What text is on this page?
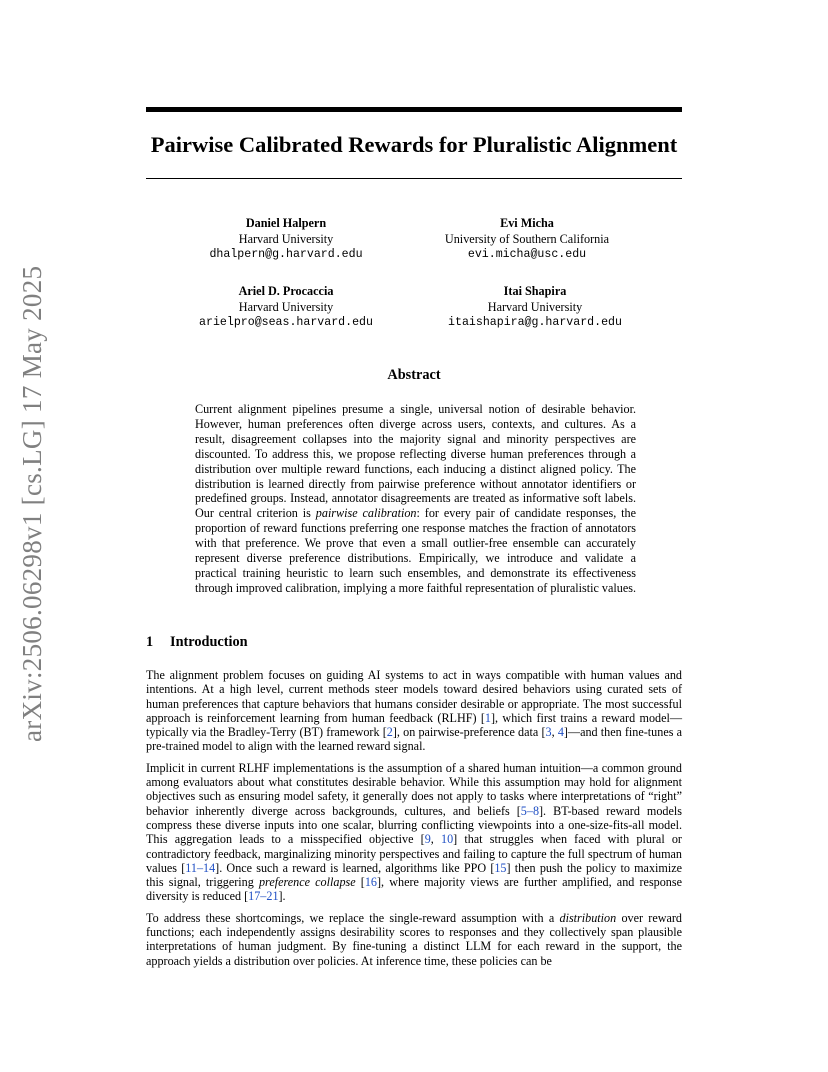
arXiv:2506.06298v1 [cs.LG] 17 May 2025
Pairwise Calibrated Rewards for Pluralistic Alignment
Daniel Halpern
Harvard University
dhalpern@g.harvard.edu
Evi Micha
University of Southern California
evi.micha@usc.edu
Ariel D. Procaccia
Harvard University
arielpro@seas.harvard.edu
Itai Shapira
Harvard University
itaishapira@g.harvard.edu
Abstract
Current alignment pipelines presume a single, universal notion of desirable behavior. However, human preferences often diverge across users, contexts, and cultures. As a result, disagreement collapses into the majority signal and minority perspectives are discounted. To address this, we propose reflecting diverse human preferences through a distribution over multiple reward functions, each inducing a distinct aligned policy. The distribution is learned directly from pairwise preference without annotator identifiers or predefined groups. Instead, annotator disagreements are treated as informative soft labels. Our central criterion is pairwise calibration: for every pair of candidate responses, the proportion of reward functions preferring one response matches the fraction of annotators with that preference. We prove that even a small outlier-free ensemble can accurately represent diverse preference distributions. Empirically, we introduce and validate a practical training heuristic to learn such ensembles, and demonstrate its effectiveness through improved calibration, implying a more faithful representation of pluralistic values.
1 Introduction

The alignment problem focuses on guiding AI systems to act in ways compatible with human values and intentions. At a high level, current methods steer models toward desired behaviors using curated sets of human preferences that capture behaviors that humans consider desirable or appropriate. The most successful approach is reinforcement learning from human feedback (RLHF) [1], which first trains a reward model—typically via the Bradley-Terry (BT) framework [2], on pairwise-preference data [3, 4]—and then fine-tunes a pre-trained model to align with the learned reward signal.

Implicit in current RLHF implementations is the assumption of a shared human intuition—a common ground among evaluators about what constitutes desirable behavior. While this assumption may hold for alignment objectives such as ensuring model safety, it generally does not apply to tasks where interpretations of “right” behavior inherently diverge across backgrounds, cultures, and beliefs [5–8]. BT-based reward models compress these diverse inputs into one scalar, blurring conflicting viewpoints into a one-size-fits-all model. This aggregation leads to a misspecified objective [9, 10] that struggles when faced with plural or contradictory feedback, marginalizing minority perspectives and failing to capture the full spectrum of human values [11–14]. Once such a reward is learned, algorithms like PPO [15] then push the policy to maximize this signal, triggering preference collapse [16], where majority views are further amplified, and response diversity is reduced [17–21].

To address these shortcomings, we replace the single-reward assumption with a distribution over reward functions; each independently assigns desirability scores to responses and they collectively span plausible interpretations of human judgment. By fine-tuning a distinct LLM for each reward in the support, the approach yields a distribution over policies. At inference time, these policies can be
